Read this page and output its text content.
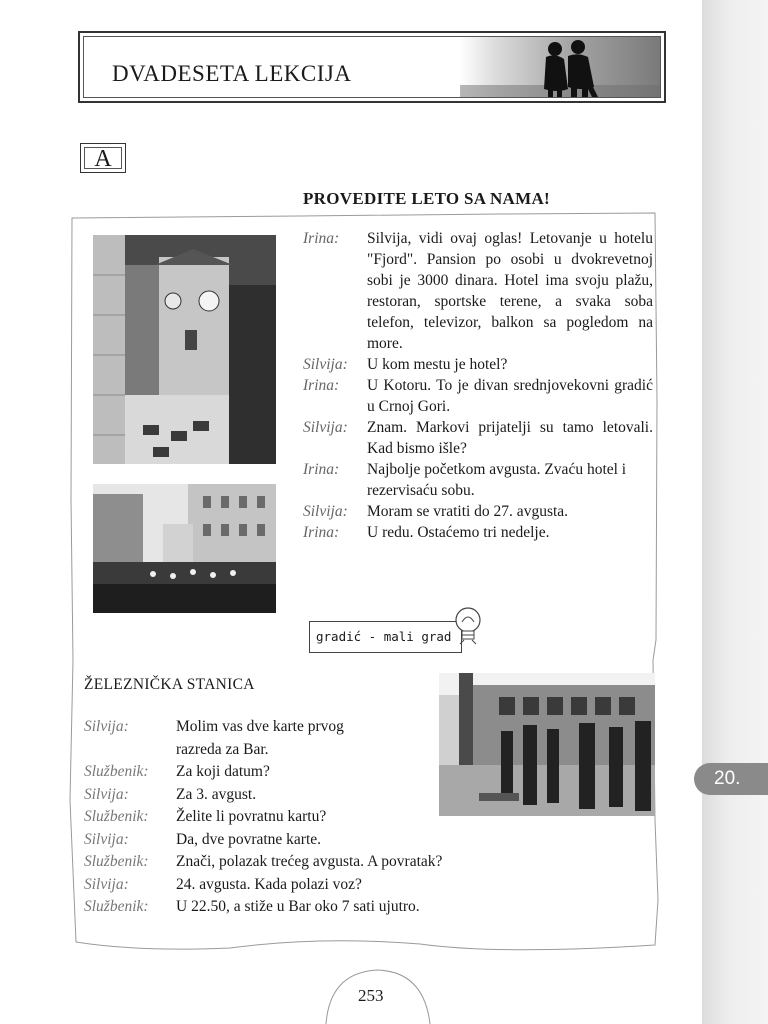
DVADESETA LEKCIJA
A
PROVEDITE LETO SA NAMA!
Irina: Silvija, vidi ovaj oglas! Letovanje u hotelu "Fjord". Pansion po osobi u dvokrevetnoj sobi je 3000 dinara. Hotel ima svoju plažu, restoran, sportske terene, a svaka soba telefon, televizor, balkon sa pogledom na more.
Silvija: U kom mestu je hotel?
Irina: U Kotoru. To je divan srednjovekovni gradić u Crnoj Gori.
Silvija: Znam. Markovi prijatelji su tamo letovali. Kad bismo išle?
Irina: Najbolje početkom avgusta. Zvaću hotel i rezervisaću sobu.
Silvija: Moram se vratiti do 27. avgusta.
Irina: U redu. Ostaćemo tri nedelje.
gradić - mali grad
ŽELEZNIČKA STANICA
Silvija:	Molim vas dve karte prvog
razreda za Bar.
Službenik: Za koji datum?
Silvija:	Za 3. avgust.
Službenik: Želite li povratnu kartu?
Silvija:	Da, dve povratne karte.
Službenik: Znači, polazak trećeg avgusta. A povratak?
Silvija:	24. avgusta. Kada polazi voz?
Službenik: U 22.50, a stiže u Bar oko 7 sati ujutro.
20.
253
